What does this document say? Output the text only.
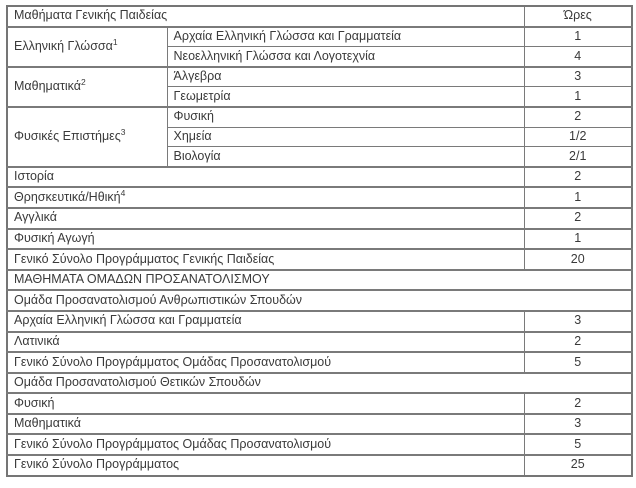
Μαθήματα Γενικής Παιδείας		Ώρες
Ελληνική Γλώσσα$^1$	Αρχαία Ελληνική Γλώσσα και Γραμματεία	1
	Νεοελληνική Γλώσσα και Λογοτεχνία	4
Μαθηματικά$^2$	Άλγεβρα	3
	Γεωμετρία	1
Φυσικές Επιστήμες$^3$	Φυσική	2
	Χημεία	1/2
	Βιολογία	2/1
Ιστορία		2
Θρησκευτικά/Ηθική$^4$		1
Αγγλικά		2
Φυσική Αγωγή		1
Γενικό Σύνολο Προγράμματος Γενικής Παιδείας		20
ΜΑΘΗΜΑΤΑ ΟΜΑΔΩΝ ΠΡΟΣΑΝΑΤΟΛΙΣΜΟΥ		
Ομάδα Προσανατολισμού Ανθρωπιστικών Σπουδών		
Αρχαία Ελληνική Γλώσσα και Γραμματεία		3
Λατινικά		2
Γενικό Σύνολο Προγράμματος Ομάδας Προσανατολισμού		5
Ομάδα Προσανατολισμού Θετικών Σπουδών		
Φυσική		2
Μαθηματικά		3
Γενικό Σύνολο Προγράμματος Ομάδας Προσανατολισμού		5
Γενικό Σύνολο Προγράμματος		25
